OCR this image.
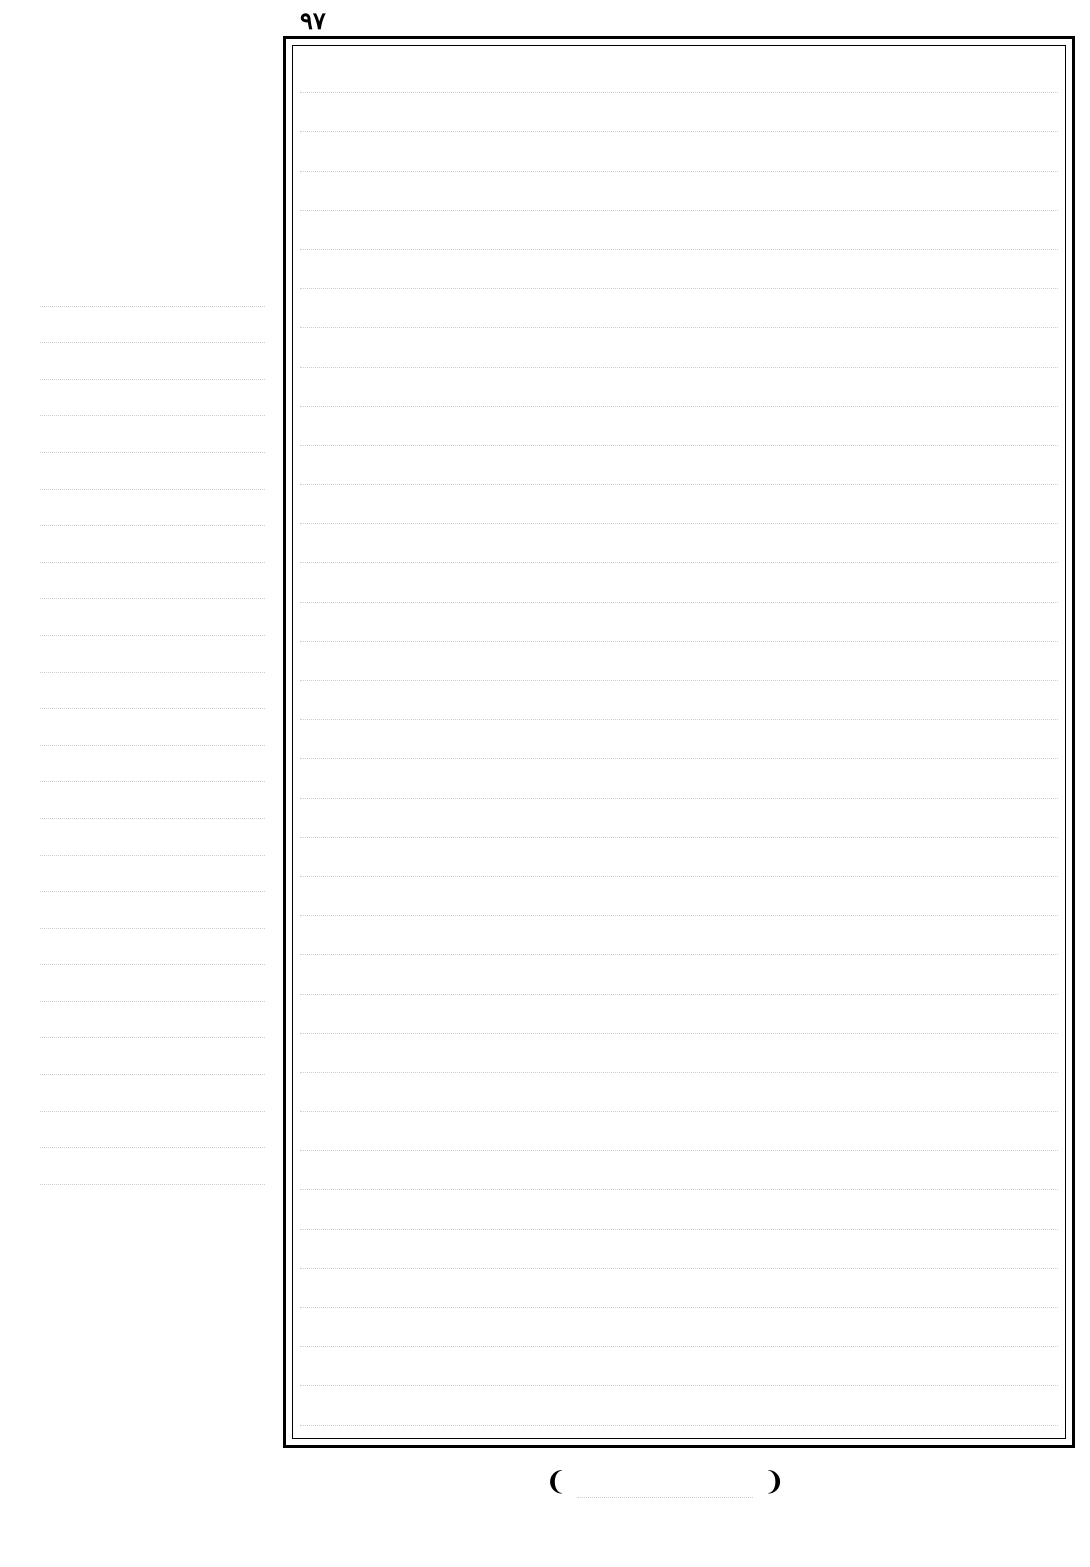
٩٧
❨	❩
